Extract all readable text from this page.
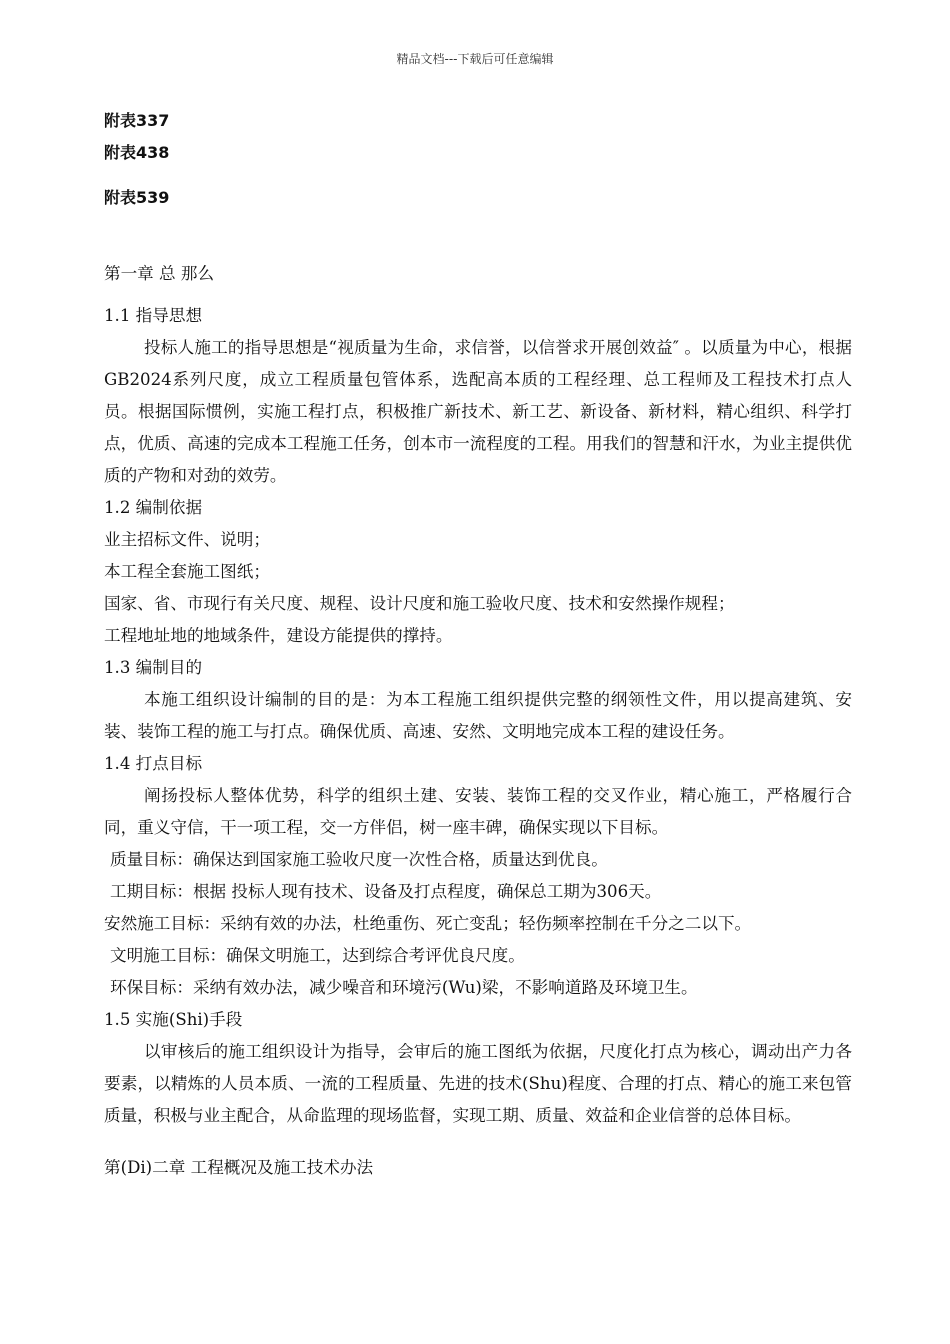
精品文档---下载后可任意编辑
附表337
附表438
附表539

第一章 总 那么

1.1 指导思想

投标人施工的指导思想是“视质量为生命，求信誉，以信誉求开展创效益″ 。以质量为中心，根据GB2024系列尺度，成立工程质量包管体系，选配高本质的工程经理、总工程师及工程技术打点人员。根据国际惯例，实施工程打点，积极推广新技术、新工艺、新设备、新材料，精心组织、科学打点，优质、高速的完成本工程施工任务，创本市一流程度的工程。用我们的智慧和汗水，为业主提供优质的产物和对劲的效劳。

1.2 编制依据

业主招标文件、说明；

本工程全套施工图纸；

国家、省、市现行有关尺度、规程、设计尺度和施工验收尺度、技术和安然操作规程；

工程地址地的地域条件，建设方能提供的撑持。

1.3 编制目的

本施工组织设计编制的目的是：为本工程施工组织提供完整的纲领性文件，用以提高建筑、安装、装饰工程的施工与打点。确保优质、高速、安然、文明地完成本工程的建设任务。

1.4 打点目标

阐扬投标人整体优势，科学的组织土建、安装、装饰工程的交叉作业，精心施工，严格履行合同，重义守信，干一项工程，交一方伴侣，树一座丰碑，确保实现以下目标。

质量目标：确保达到国家施工验收尺度一次性合格，质量达到优良。

工期目标：根据 投标人现有技术、设备及打点程度，确保总工期为306天。

安然施工目标：采纳有效的办法，杜绝重伤、死亡变乱；轻伤频率控制在千分之二以下。

文明施工目标：确保文明施工，达到综合考评优良尺度。

环保目标：采纳有效办法，减少噪音和环境污(Wu)梁，不影响道路及环境卫生。

1.5 实施(Shi)手段

以审核后的施工组织设计为指导，会审后的施工图纸为依据，尺度化打点为核心，调动出产力各要素，以精炼的人员本质、一流的工程质量、先进的技术(Shu)程度、合理的打点、精心的施工来包管质量，积极与业主配合，从命监理的现场监督，实现工期、质量、效益和企业信誉的总体目标。

第(Di)二章 工程概况及施工技术办法
